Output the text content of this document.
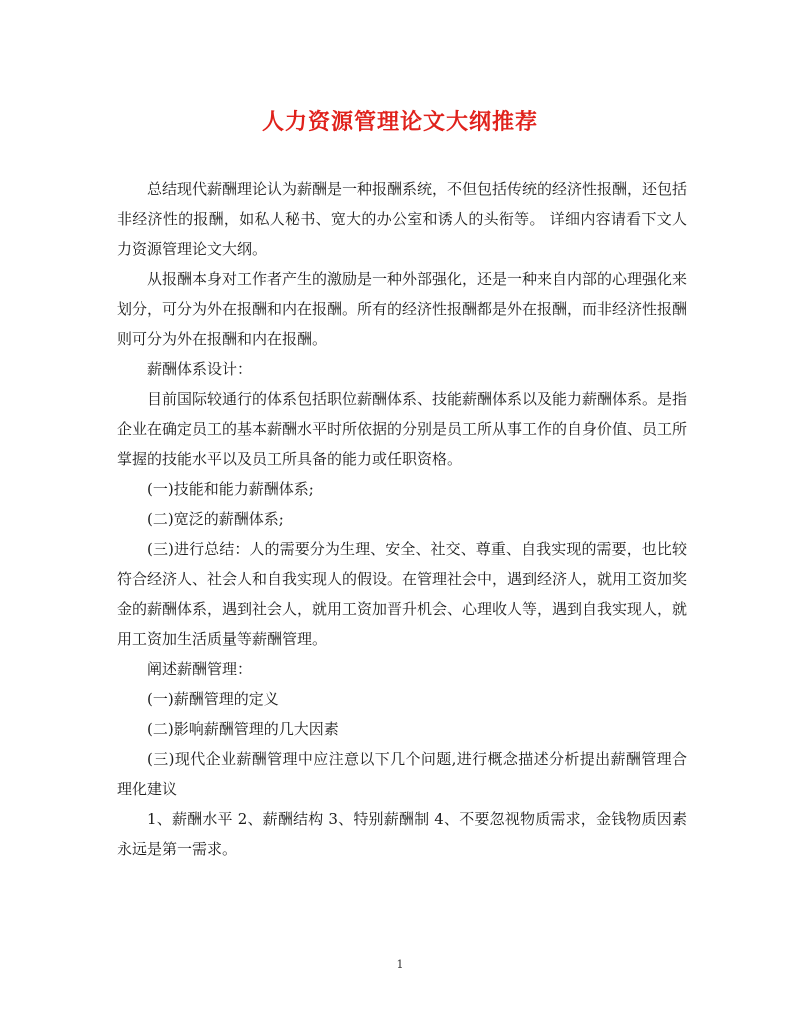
人力资源管理论文大纲推荐

总结现代薪酬理论认为薪酬是一种报酬系统，不但包括传统的经济性报酬，还包括非经济性的报酬，如私人秘书、宽大的办公室和诱人的头衔等。 详细内容请看下文人力资源管理论文大纲。

从报酬本身对工作者产生的激励是一种外部强化，还是一种来自内部的心理强化来划分，可分为外在报酬和内在报酬。所有的经济性报酬都是外在报酬，而非经济性报酬则可分为外在报酬和内在报酬。

薪酬体系设计：

目前国际较通行的体系包括职位薪酬体系、技能薪酬体系以及能力薪酬体系。是指企业在确定员工的基本薪酬水平时所依据的分别是员工所从事工作的自身价值、员工所掌握的技能水平以及员工所具备的能力或任职资格。

(一)技能和能力薪酬体系;

(二)宽泛的薪酬体系;

(三)进行总结：人的需要分为生理、安全、社交、尊重、自我实现的需要，也比较符合经济人、社会人和自我实现人的假设。在管理社会中，遇到经济人，就用工资加奖金的薪酬体系，遇到社会人，就用工资加晋升机会、心理收人等，遇到自我实现人，就用工资加生活质量等薪酬管理。

阐述薪酬管理：

(一)薪酬管理的定义

(二)影响薪酬管理的几大因素

(三)现代企业薪酬管理中应注意以下几个问题,进行概念描述分析提出薪酬管理合理化建议

1、薪酬水平 2、薪酬结构 3、特别薪酬制 4、不要忽视物质需求，金钱物质因素永远是第一需求。

1
